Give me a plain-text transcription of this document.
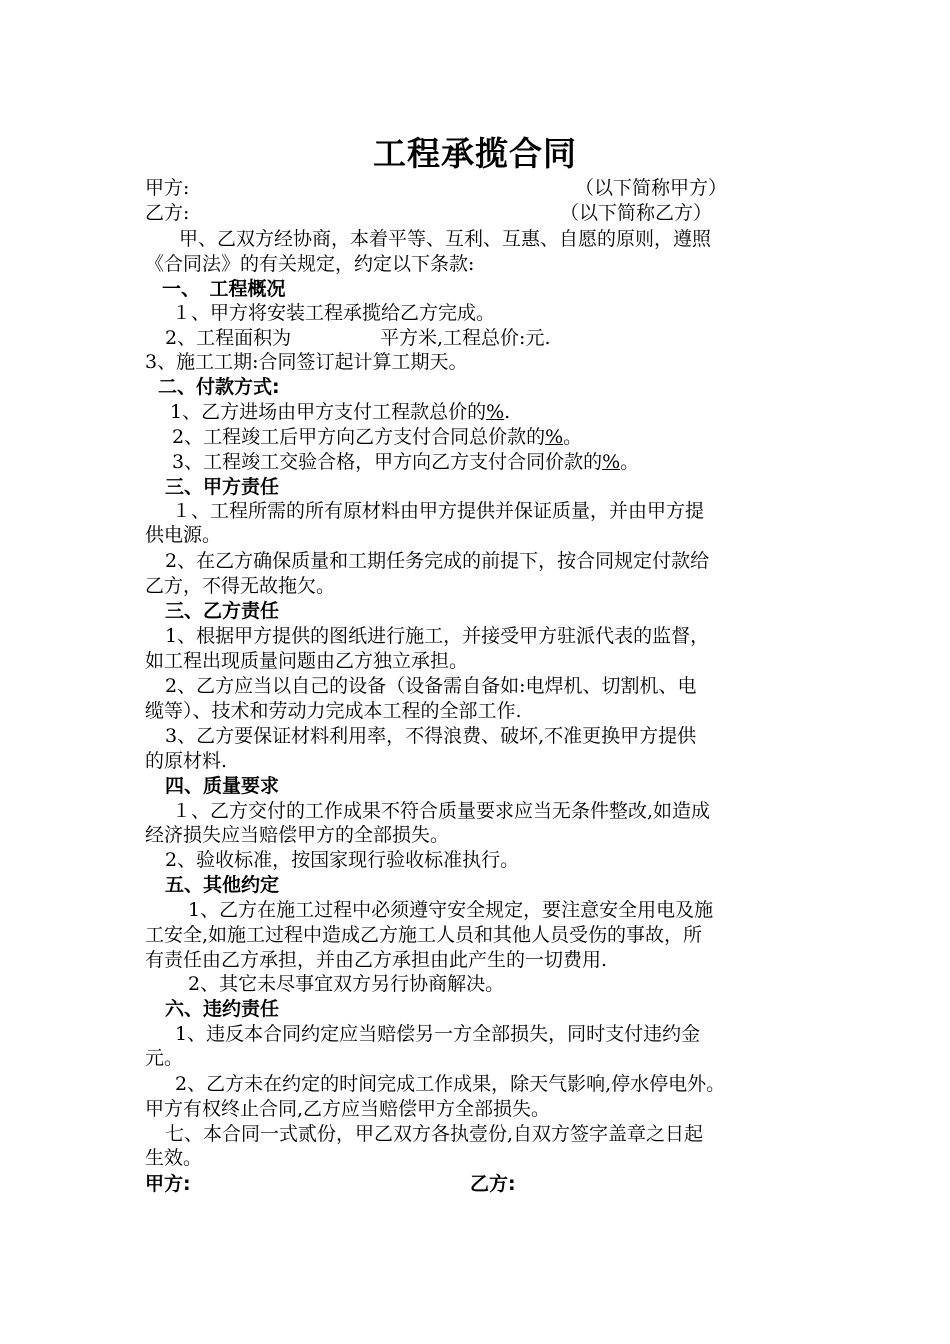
工程承揽合同
甲方:	（以下简称甲方）
乙方:	（以下简称乙方）
　甲、乙双方经协商，本着平等、互利、互惠、自愿的原则，遵照
《合同法》的有关规定，约定以下条款:
一、　工程概况
１、甲方将安装工程承揽给乙方完成。
2、工程面积为	平方米,工程总价:元.
3、施工工期:合同签订起计算工期天。
二、付款方式:
1、乙方进场由甲方支付工程款总价的%.
2、工程竣工后甲方向乙方支付合同总价款的%。
3、工程竣工交验合格，甲方向乙方支付合同价款的%。
三、甲方责任
１、工程所需的所有原材料由甲方提供并保证质量，并由甲方提
供电源。
2、在乙方确保质量和工期任务完成的前提下，按合同规定付款给
乙方，不得无故拖欠。
三、乙方责任
1、根据甲方提供的图纸进行施工，并接受甲方驻派代表的监督，
如工程出现质量问题由乙方独立承担。
2、乙方应当以自己的设备（设备需自备如:电焊机、切割机、电
缆等）、技术和劳动力完成本工程的全部工作.
3、乙方要保证材料利用率，不得浪费、破坏,不准更换甲方提供
的原材料.
四、质量要求
１、乙方交付的工作成果不符合质量要求应当无条件整改,如造成
经济损失应当赔偿甲方的全部损失。
2、验收标准，按国家现行验收标准执行。
五、其他约定
1、乙方在施工过程中必须遵守安全规定，要注意安全用电及施
工安全,如施工过程中造成乙方施工人员和其他人员受伤的事故，所
有责任由乙方承担，并由乙方承担由此产生的一切费用.
2、其它未尽事宜双方另行协商解决。
六、违约责任
1、违反本合同约定应当赔偿另一方全部损失，同时支付违约金
元。
2、乙方未在约定的时间完成工作成果，除天气影响,停水停电外。
甲方有权终止合同,乙方应当赔偿甲方全部损失。
七、本合同一式贰份，甲乙双方各执壹份,自双方签字盖章之日起
生效。
甲方:	乙方:
